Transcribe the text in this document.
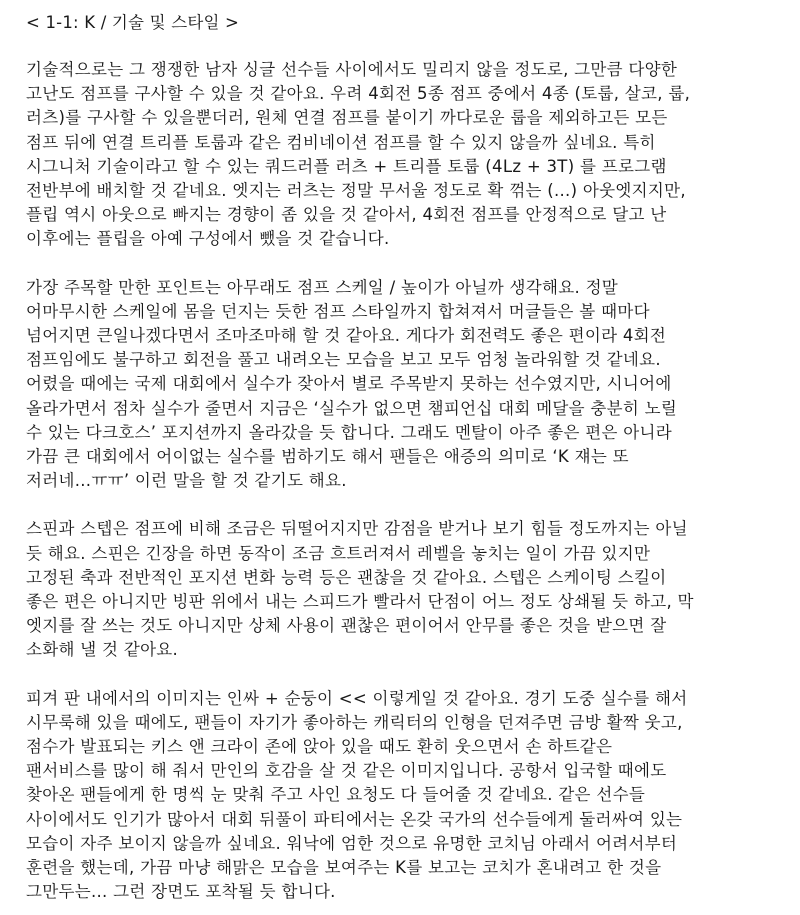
< 1-1: K / 기술 및 스타일 >
기술적으로는 그 쟁쟁한 남자 싱글 선수들 사이에서도 밀리지 않을 정도로, 그만큼 다양한
고난도 점프를 구사할 수 있을 것 같아요. 우려 4회전 5종 점프 중에서 4종 (토룹, 살코, 룹,
러츠)를 구사할 수 있을뿐더러, 원체 연결 점프를 붙이기 까다로운 룹을 제외하고든 모든
점프 뒤에 연결 트리플 토룹과 같은 컴비네이션 점프를 할 수 있지 않을까 싶네요. 특히
시그니처 기술이라고 할 수 있는 쿼드러플 러츠 + 트리플 토룹 (4Lz + 3T) 를 프로그램
전반부에 배치할 것 같네요. 엣지는 러츠는 정말 무서울 정도로 확 꺾는 (...) 아웃엣지지만,
플립 역시 아웃으로 빠지는 경향이 좀 있을 것 같아서, 4회전 점프를 안정적으로 달고 난
이후에는 플립을 아예 구성에서 뺐을 것 같습니다.
가장 주목할 만한 포인트는 아무래도 점프 스케일 / 높이가 아닐까 생각해요. 정말
어마무시한 스케일에 몸을 던지는 듯한 점프 스타일까지 합쳐져서 머글들은 볼 때마다
넘어지면 큰일나겠다면서 조마조마해 할 것 같아요. 게다가 회전력도 좋은 편이라 4회전
점프임에도 불구하고 회전을 풀고 내려오는 모습을 보고 모두 엄청 놀라워할 것 같네요.
어렸을 때에는 국제 대회에서 실수가 잦아서 별로 주목받지 못하는 선수였지만, 시니어에
올라가면서 점차 실수가 줄면서 지금은 ‘실수가 없으면 챔피언십 대회 메달을 충분히 노릴
수 있는 다크호스’ 포지션까지 올라갔을 듯 합니다. 그래도 멘탈이 아주 좋은 편은 아니라
가끔 큰 대회에서 어이없는 실수를 범하기도 해서 팬들은 애증의 의미로 ‘K 쟤는 또
저러네...ㅠㅠ’ 이런 말을 할 것 같기도 해요.
스핀과 스텝은 점프에 비해 조금은 뒤떨어지지만 감점을 받거나 보기 힘들 정도까지는 아닐
듯 해요. 스핀은 긴장을 하면 동작이 조금 흐트러져서 레벨을 놓치는 일이 가끔 있지만
고정된 축과 전반적인 포지션 변화 능력 등은 괜찮을 것 같아요. 스텝은 스케이팅 스킬이
좋은 편은 아니지만 빙판 위에서 내는 스피드가 빨라서 단점이 어느 정도 상쇄될 듯 하고, 막
엣지를 잘 쓰는 것도 아니지만 상체 사용이 괜찮은 편이어서 안무를 좋은 것을 받으면 잘
소화해 낼 것 같아요.
피겨 판 내에서의 이미지는 인싸 + 순둥이 << 이렇게일 것 같아요. 경기 도중 실수를 해서
시무룩해 있을 때에도, 팬들이 자기가 좋아하는 캐릭터의 인형을 던져주면 금방 활짝 웃고,
점수가 발표되는 키스 앤 크라이 존에 앉아 있을 때도 환히 웃으면서 손 하트같은
팬서비스를 많이 해 줘서 만인의 호감을 살 것 같은 이미지입니다. 공항서 입국할 때에도
찾아온 팬들에게 한 명씩 눈 맞춰 주고 사인 요청도 다 들어줄 것 같네요. 같은 선수들
사이에서도 인기가 많아서 대회 뒤풀이 파티에서는 온갖 국가의 선수들에게 둘러싸여 있는
모습이 자주 보이지 않을까 싶네요. 워낙에 엄한 것으로 유명한 코치님 아래서 어려서부터
훈련을 했는데, 가끔 마냥 해맑은 모습을 보여주는 K를 보고는 코치가 혼내려고 한 것을
그만두는... 그런 장면도 포착될 듯 합니다.
